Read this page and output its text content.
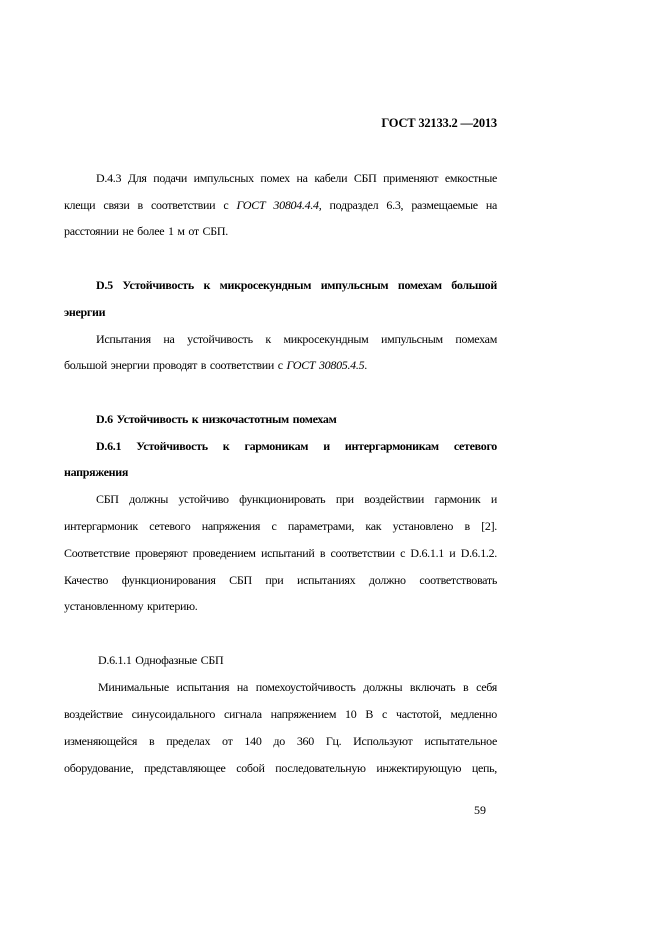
ГОСТ 32133.2 —2013
D.4.3 Для подачи импульсных помех на кабели СБП применяют емкостные
клещи связи в соответствии с ГОСТ 30804.4.4, подраздел 6.3, размещаемые на
расстоянии не более 1 м от СБП.
D.5 Устойчивость к микросекундным импульсным помехам большой
энергии
Испытания на устойчивость к микросекундным импульсным помехам
большой энергии проводят в соответствии с ГОСТ 30805.4.5.
D.6 Устойчивость к низкочастотным помехам
D.6.1 Устойчивость к гармоникам и интергармоникам сетевого
напряжения
СБП должны устойчиво функционировать при воздействии гармоник и
интергармоник сетевого напряжения с параметрами, как установлено в [2].
Соответствие проверяют проведением испытаний в соответствии с D.6.1.1 и D.6.1.2.
Качество функционирования СБП при испытаниях должно соответствовать
установленному критерию.
D.6.1.1 Однофазные СБП
Минимальные испытания на помехоустойчивость должны включать в себя
воздействие синусоидального сигнала напряжением 10 В с частотой, медленно
изменяющейся в пределах от 140 до 360 Гц. Используют испытательное
оборудование, представляющее собой последовательную инжектирующую цепь,
59
